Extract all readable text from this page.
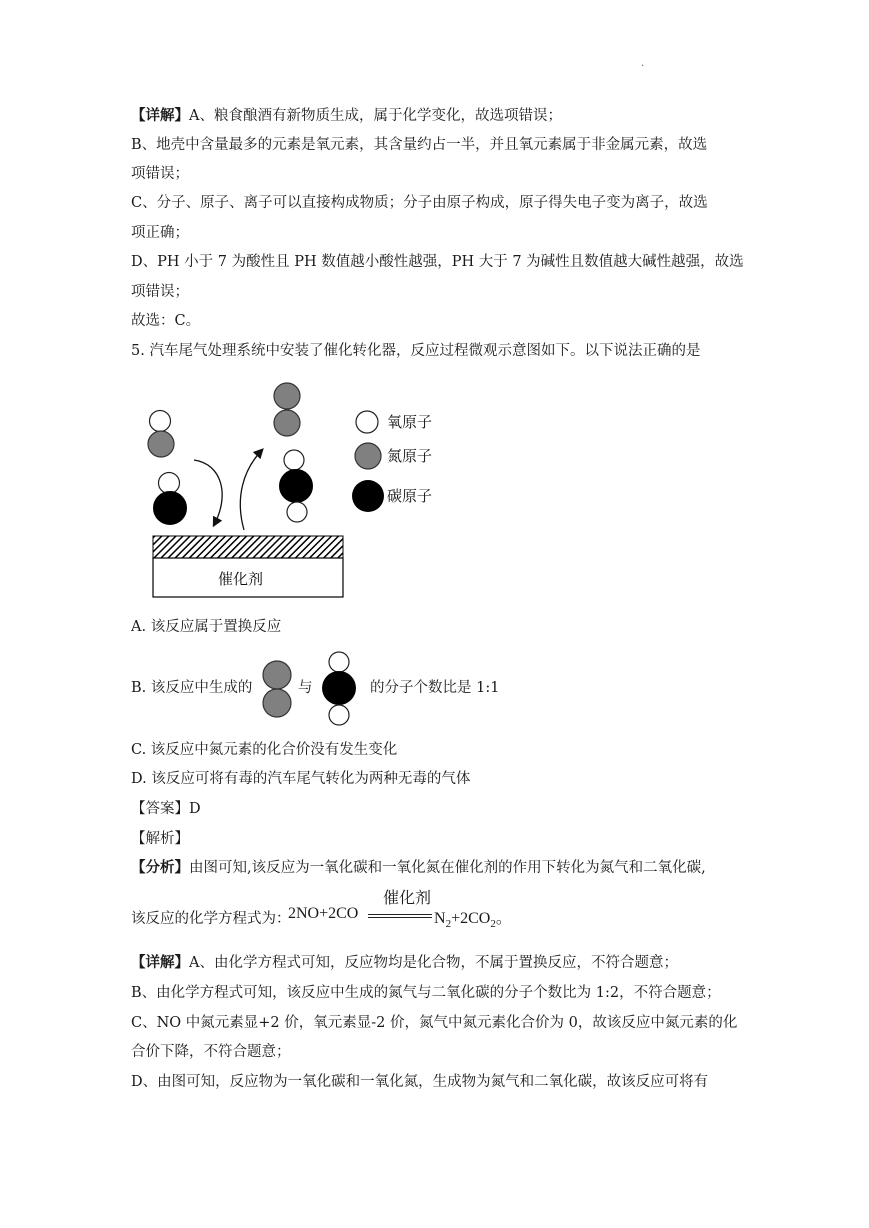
.
【详解】A、粮食酿酒有新物质生成，属于化学变化，故选项错误；
B、地壳中含量最多的元素是氧元素，其含量约占一半，并且氧元素属于非金属元素，故选
项错误；
C、分子、原子、离子可以直接构成物质；分子由原子构成，原子得失电子变为离子，故选
项正确；
D、PH 小于 7 为酸性且 PH 数值越小酸性越强，PH 大于 7 为碱性且数值越大碱性越强，故选
项错误；
故选：C。
5. 汽车尾气处理系统中安装了催化转化器，反应过程微观示意图如下。以下说法正确的是
氧原子
氮原子
碳原子
催化剂
A. 该反应属于置换反应
B. 该反应中生成的	与	的分子个数比是 1:1
C. 该反应中氮元素的化合价没有发生变化
D. 该反应可将有毒的汽车尾气转化为两种无毒的气体
【答案】D
【解析】
【分析】由图可知,该反应为一氧化碳和一氧化氮在催化剂的作用下转化为氮气和二氧化碳,
该反应的化学方程式为：
2NO+2CO
催化剂
$N_2+2CO_2$。
【详解】A、由化学方程式可知，反应物均是化合物，不属于置换反应，不符合题意；
B、由化学方程式可知，该反应中生成的氮气与二氧化碳的分子个数比为 1:2，不符合题意；
C、NO 中氮元素显+2 价，氧元素显-2 价，氮气中氮元素化合价为 0，故该反应中氮元素的化
合价下降，不符合题意；
D、由图可知，反应物为一氧化碳和一氧化氮，生成物为氮气和二氧化碳，故该反应可将有
